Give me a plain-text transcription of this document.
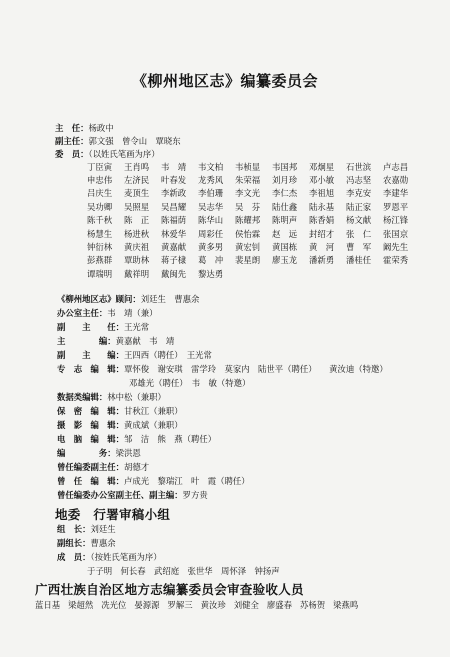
《柳州地区志》编纂委员会
主　任：杨政中
副主任：郭文强　曾令山　覃晓东
委　员：（以姓氏笔画为序）
丁臣寅	王肖鸣	韦　靖	韦文柏	韦桢显	韦国邦	邓炯星	石世滨	卢志昌
申忠伟	左济民	叶春发	龙秀风	朱荣福	刘月珍	邓小敏	冯志坚	农嘉勋
吕庆生	麦顶生	李新政	李伯珊	李文光	李仁杰	李祖旭	李克安	李建华
吴功卿	吴照星	吴昌耀	吴志华	吴　芬	陆仕鑫	陆永基	陆正家	罗恩平
陈千秋	陈　正	陈福荫	陈华山	陈耀邦	陈明声	陈香娟	杨文献	杨江锋
杨慧生	杨进秋	林爱华	周彩任	侯怡霖	赵　远	封绍才	张　仁	张国京
钟衍林	黄庆祖	黄嘉献	黄多男	黄宏钊	黄国栋	黄　河	曹　军	阚先生
彭燕群	覃助林	蒋子棣	葛　冲	裴星朗	廖玉龙	潘新勇	潘桂任	霍荣秀
谭瑞明	戴祥明	戴闽先	黎达勇
《柳州地区志》顾问：刘廷生　曹惠余
办公室主任：韦　靖（兼）
副　　主　　任：王光常
主　　　　编：黄嘉献　韦　靖
副　　主　　编：王四西（聘任）　王光常
专　志　编　辑：覃怀俊　谢安琪　雷学玲　莫家内　陆世平（聘任）　　黄汝迪（特邀）
邓雄光（聘任）　韦　敏（特邀）
数据类编辑：林中松（兼职）
保　密　编　辑：甘秋江（兼职）
摄　影　编　辑：黄成斌（兼职）
电　脑　编　辑：邹　洁　熊　燕（聘任）
编　　　　务：梁洪恩
曾任编委副主任：胡德才
曾　任　编　辑：卢成光　黎瑞江　叶　霞（聘任）
曾任编委办公室副主任、副主编：罗方贵
地委　行署审稿小组
组　长：刘廷生
副组长：曹惠余
成　员：（按姓氏笔画为序）
于子明　何长春　武绍庭　张世华　周怀泽　钟扬声
广西壮族自治区地方志编纂委员会审查验收人员
蓝日基 梁超然 冼光位 晏源源 罗解三 黄汝珍 刘健全 廖盛春 苏杨贺 梁燕鸣
